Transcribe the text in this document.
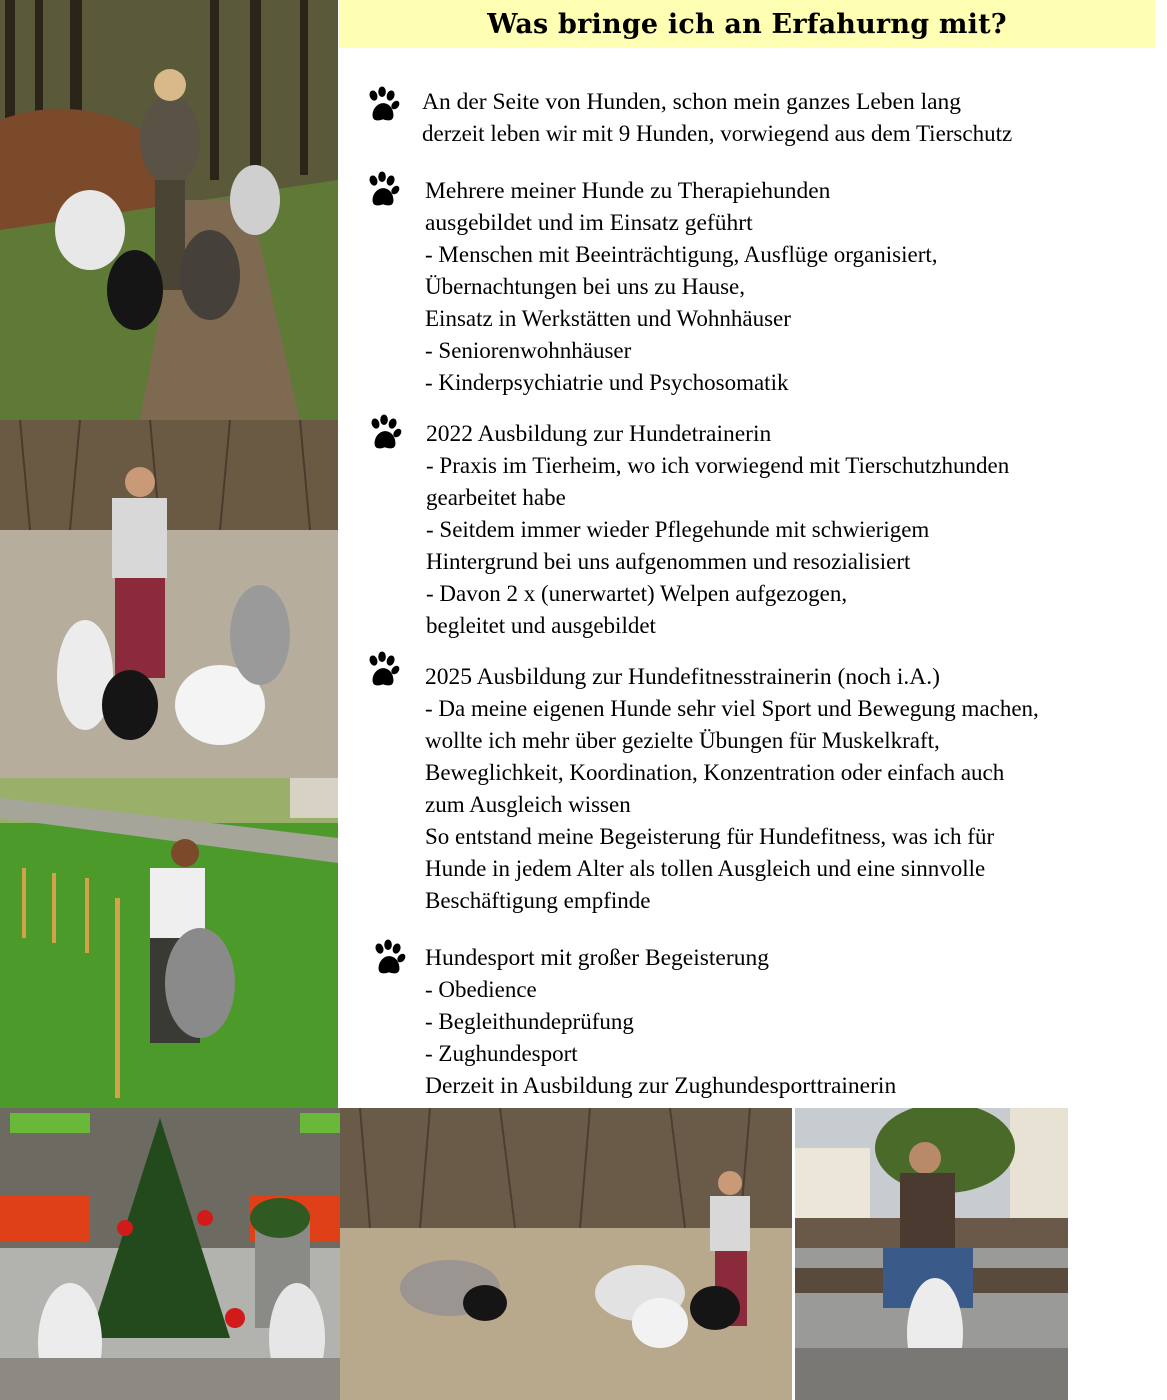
Was bringe ich an Erfahurng mit?
An der Seite von Hunden, schon mein ganzes Leben lang
derzeit leben wir mit 9 Hunden, vorwiegend aus dem Tierschutz
Mehrere meiner Hunde zu Therapiehunden
ausgebildet und im Einsatz geführt
- Menschen mit Beeinträchtigung, Ausflüge organisiert,
Übernachtungen bei uns zu Hause,
Einsatz in Werkstätten und Wohnhäuser
- Seniorenwohnhäuser
- Kinderpsychiatrie und Psychosomatik
2022 Ausbildung zur Hundetrainerin
- Praxis im Tierheim, wo ich vorwiegend mit Tierschutzhunden
gearbeitet habe
- Seitdem immer wieder Pflegehunde mit schwierigem
Hintergrund bei uns aufgenommen und resozialisiert
- Davon 2 x (unerwartet) Welpen aufgezogen,
begleitet und ausgebildet
2025 Ausbildung zur Hundefitnesstrainerin (noch i.A.)
- Da meine eigenen Hunde sehr viel Sport und Bewegung machen,
wollte ich mehr über gezielte Übungen für Muskelkraft,
Beweglichkeit, Koordination, Konzentration oder einfach auch
zum Ausgleich wissen
So entstand meine Begeisterung für Hundefitness, was ich für
Hunde in jedem Alter als tollen Ausgleich und eine sinnvolle
Beschäftigung empfinde
Hundesport mit großer Begeisterung
- Obedience
- Begleithundeprüfung
- Zughundesport
Derzeit in Ausbildung zur Zughundesporttrainerin
